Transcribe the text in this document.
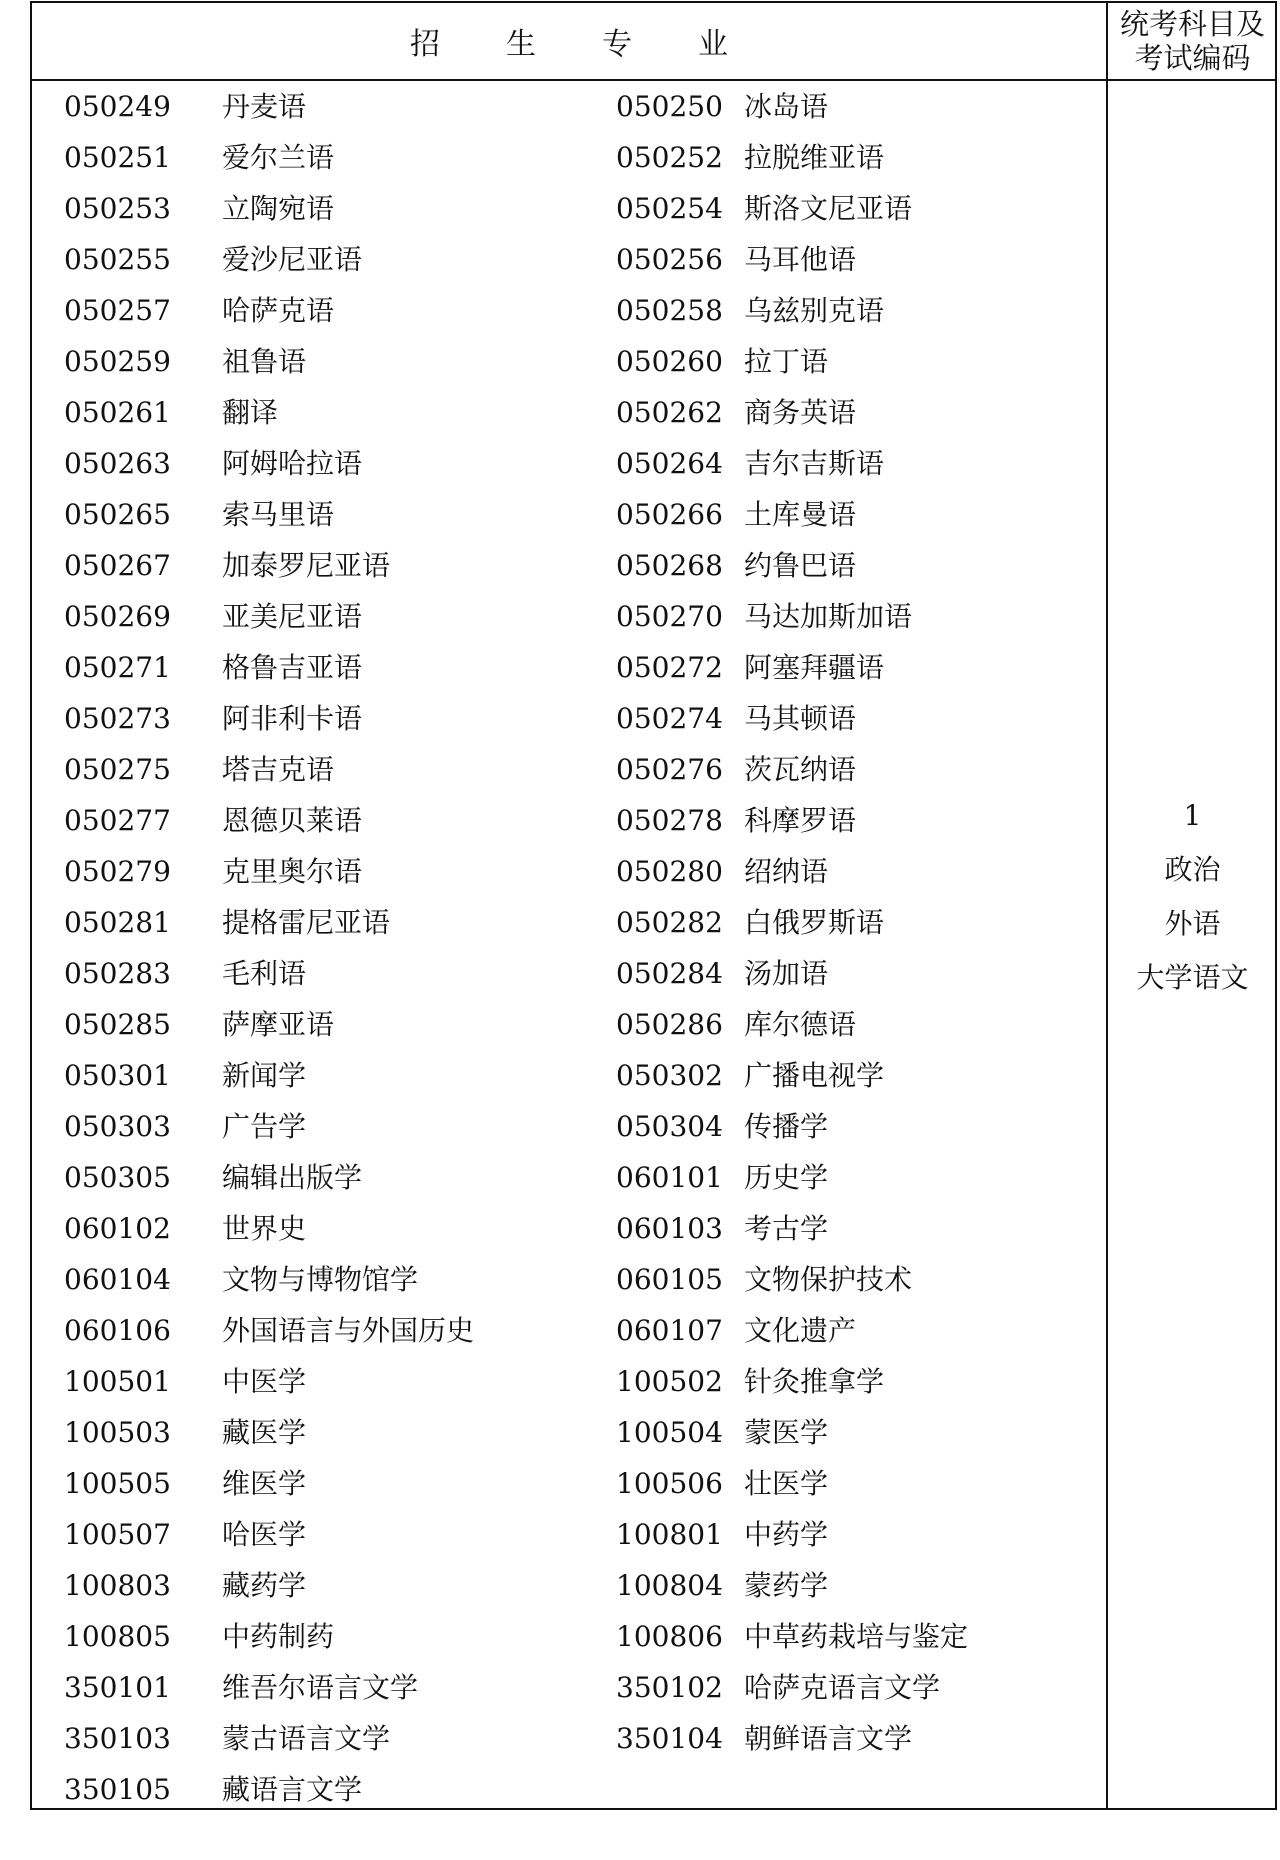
招生专业
统考科目及
考试编码
050249 丹麦语	050250 冰岛语
050251 爱尔兰语	050252 拉脱维亚语
050253 立陶宛语	050254 斯洛文尼亚语
050255 爱沙尼亚语	050256 马耳他语
050257 哈萨克语	050258 乌兹别克语
050259 祖鲁语	050260 拉丁语
050261 翻译	050262 商务英语
050263 阿姆哈拉语	050264 吉尔吉斯语
050265 索马里语	050266 土库曼语
050267 加泰罗尼亚语	050268 约鲁巴语
050269 亚美尼亚语	050270 马达加斯加语
050271 格鲁吉亚语	050272 阿塞拜疆语
050273 阿非利卡语	050274 马其顿语
050275 塔吉克语	050276 茨瓦纳语
050277 恩德贝莱语	050278 科摩罗语
050279 克里奥尔语	050280 绍纳语
050281 提格雷尼亚语	050282 白俄罗斯语
050283 毛利语	050284 汤加语
050285 萨摩亚语	050286 库尔德语
050301 新闻学	050302 广播电视学
050303 广告学	050304 传播学
050305 编辑出版学	060101 历史学
060102 世界史	060103 考古学
060104 文物与博物馆学	060105 文物保护技术
060106 外国语言与外国历史	060107 文化遗产
100501 中医学	100502 针灸推拿学
100503 藏医学	100504 蒙医学
100505 维医学	100506 壮医学
100507 哈医学	100801 中药学
100803 藏药学	100804 蒙药学
100805 中药制药	100806 中草药栽培与鉴定
350101 维吾尔语言文学	350102 哈萨克语言文学
350103 蒙古语言文学	350104 朝鲜语言文学
350105 藏语言文学
1
政治
外语
大学语文
